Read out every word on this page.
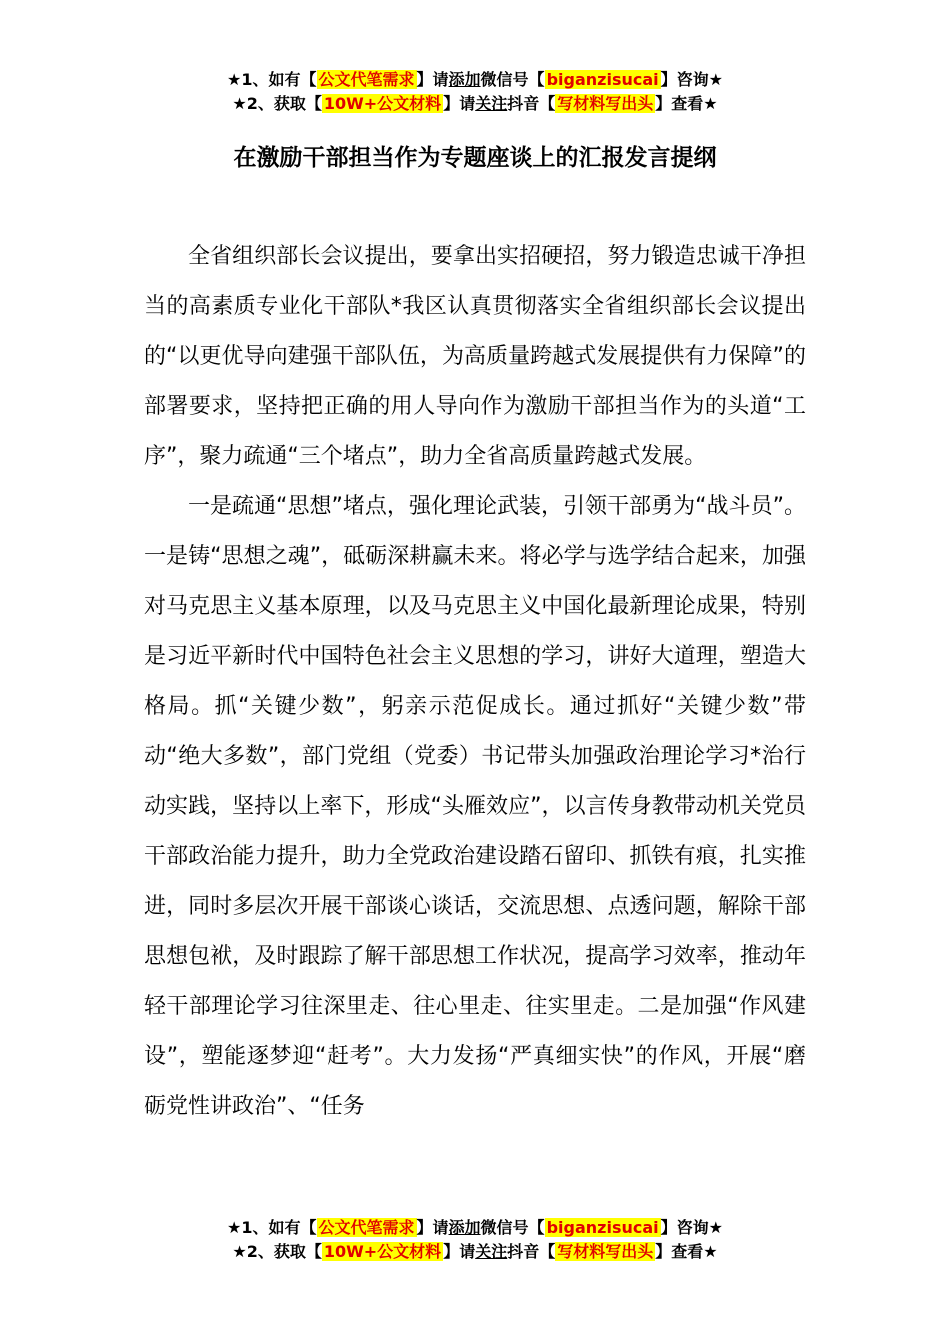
★1、如有【 公文代笔需求 】请添加微信号【 biganzisucai 】咨询★
★2、获取【 10W+公文材料 】请关注抖音【 写材料写出头 】查看★
在激励干部担当作为专题座谈上的汇报发言提纲

全省组织部长会议提出，要拿出实招硬招，努力锻造忠诚干净担当的高素质专业化干部队*我区认真贯彻落实全省组织部长会议提出的“以更优导向建强干部队伍，为高质量跨越式发展提供有力保障”的部署要求，坚持把正确的用人导向作为激励干部担当作为的头道“工序”，聚力疏通“三个堵点”，助力全省高质量跨越式发展。

一是疏通“思想”堵点，强化理论武装，引领干部勇为“战斗员”。一是铸“思想之魂”，砥砺深耕赢未来。将必学与选学结合起来，加强对马克思主义基本原理，以及马克思主义中国化最新理论成果，特别是习近平新时代中国特色社会主义思想的学习，讲好大道理，塑造大格局。抓“关键少数”，躬亲示范促成长。通过抓好“关键少数”带动“绝大多数”，部门党组（党委）书记带头加强政治理论学习*治行动实践，坚持以上率下，形成“头雁效应”，以言传身教带动机关党员干部政治能力提升，助力全党政治建设踏石留印、抓铁有痕，扎实推进，同时多层次开展干部谈心谈话，交流思想、点透问题，解除干部思想包袱，及时跟踪了解干部思想工作状况，提高学习效率，推动年轻干部理论学习往深里走、往心里走、往实里走。二是加强“作风建设”，塑能逐梦迎“赶考”。大力发扬“严真细实快”的作风，开展“磨砺党性讲政治”、“任务

★1、如有【 公文代笔需求 】请添加微信号【 biganzisucai 】咨询★
★2、获取【 10W+公文材料 】请关注抖音【 写材料写出头 】查看★
